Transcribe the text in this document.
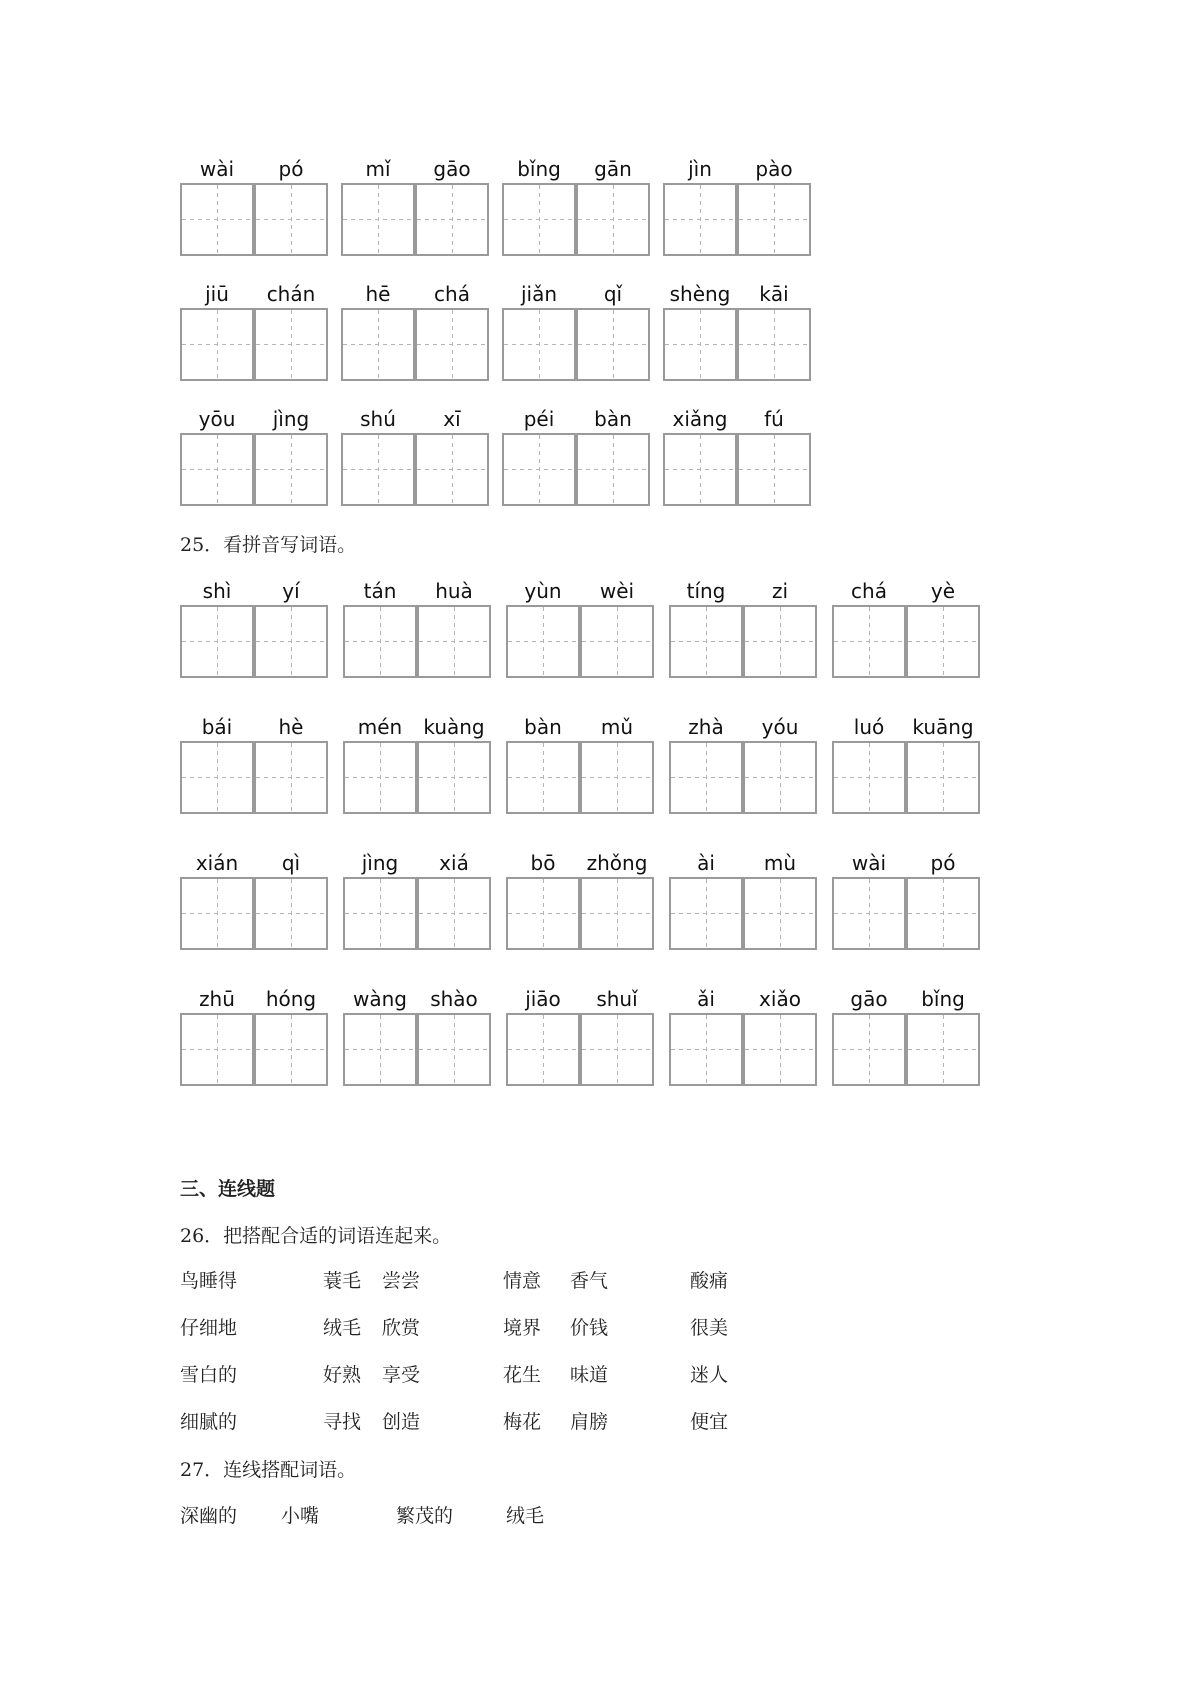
wài	pó	mǐ	gāo	bǐng	gān	jìn	pào
jiū	chán	hē	chá	jiǎn	qǐ	shèng	kāi
yōu	jìng	shú	xī	péi	bàn	xiǎng	fú
25．看拼音写词语。
shì	yí	tán	huà	yùn	wèi	tíng	zi	chá	yè
bái	hè	mén	kuàng	bàn	mǔ	zhà	yóu	luó	kuāng
xián	qì	jìng	xiá	bō	zhǒng	ài	mù	wài	pó
zhū	hóng	wàng	shào	jiāo	shuǐ	ǎi	xiǎo	gāo	bǐng
三、连线题
26．把搭配合适的词语连起来。
鸟睡得	蓑毛 尝尝	情意 香气	酸痛
仔细地	绒毛 欣赏	境界 价钱	很美
雪白的	好熟 享受	花生 味道	迷人
细腻的	寻找 创造	梅花 肩膀	便宜
27．连线搭配词语。
深幽的 小嘴	繁茂的	绒毛
